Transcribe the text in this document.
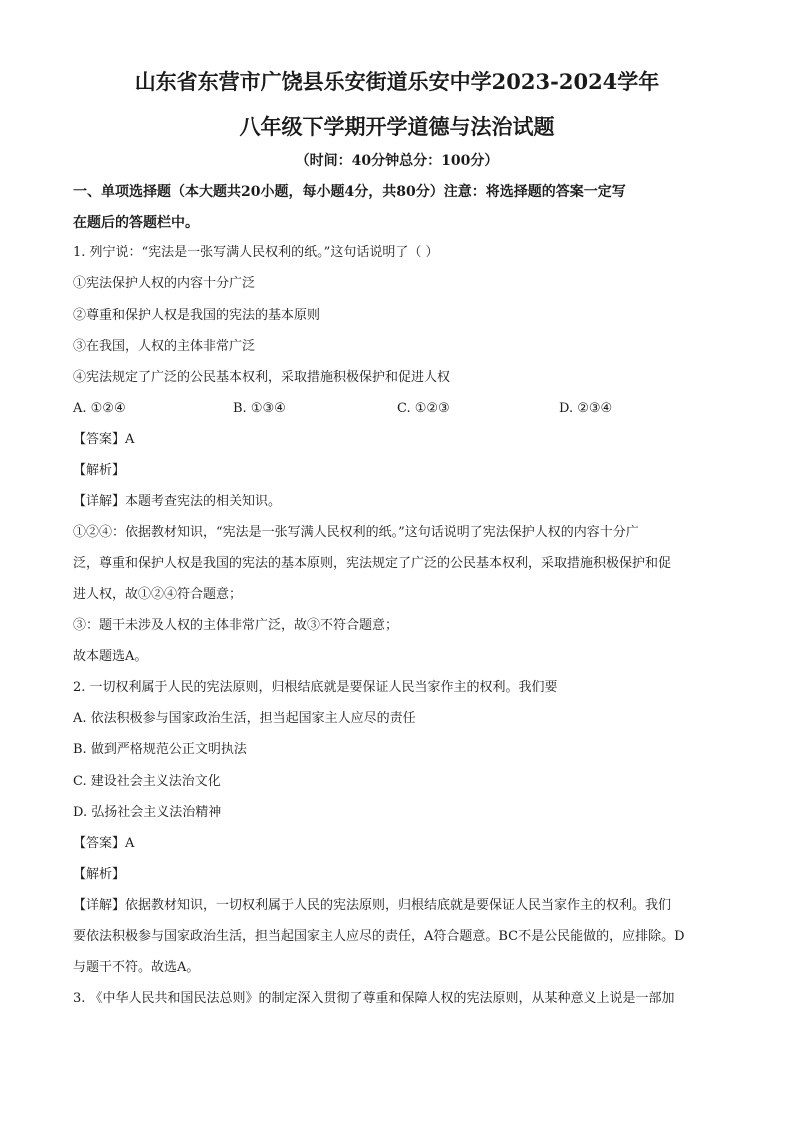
山东省东营市广饶县乐安街道乐安中学2023-2024学年
八年级下学期开学道德与法治试题
（时间：40分钟总分：100分）
一、单项选择题（本大题共20小题，每小题4分，共80分）注意：将选择题的答案一定写
在题后的答题栏中。
1. 列宁说：“宪法是一张写满人民权利的纸。”这句话说明了（ ）
①宪法保护人权的内容十分广泛
②尊重和保护人权是我国的宪法的基本原则
③在我国，人权的主体非常广泛
④宪法规定了广泛的公民基本权利，采取措施积极保护和促进人权
A. ①②④	B. ①③④	C. ①②③	D. ②③④
【答案】A
【解析】
【详解】本题考查宪法的相关知识。
①②④：依据教材知识，“宪法是一张写满人民权利的纸。”这句话说明了宪法保护人权的内容十分广
泛，尊重和保护人权是我国的宪法的基本原则，宪法规定了广泛的公民基本权利，采取措施积极保护和促
进人权，故①②④符合题意；
③：题干未涉及人权的主体非常广泛，故③不符合题意；
故本题选A。
2. 一切权利属于人民的宪法原则，归根结底就是要保证人民当家作主的权利。我们要
A. 依法积极参与国家政治生活，担当起国家主人应尽的责任
B. 做到严格规范公正文明执法
C. 建设社会主义法治文化
D. 弘扬社会主义法治精神
【答案】A
【解析】
【详解】依据教材知识，一切权利属于人民的宪法原则，归根结底就是要保证人民当家作主的权利。我们
要依法积极参与国家政治生活，担当起国家主人应尽的责任，A符合题意。BC不是公民能做的，应排除。D
与题干不符。故选A。
3. 《中华人民共和国民法总则》的制定深入贯彻了尊重和保障人权的宪法原则，从某种意义上说是一部加
